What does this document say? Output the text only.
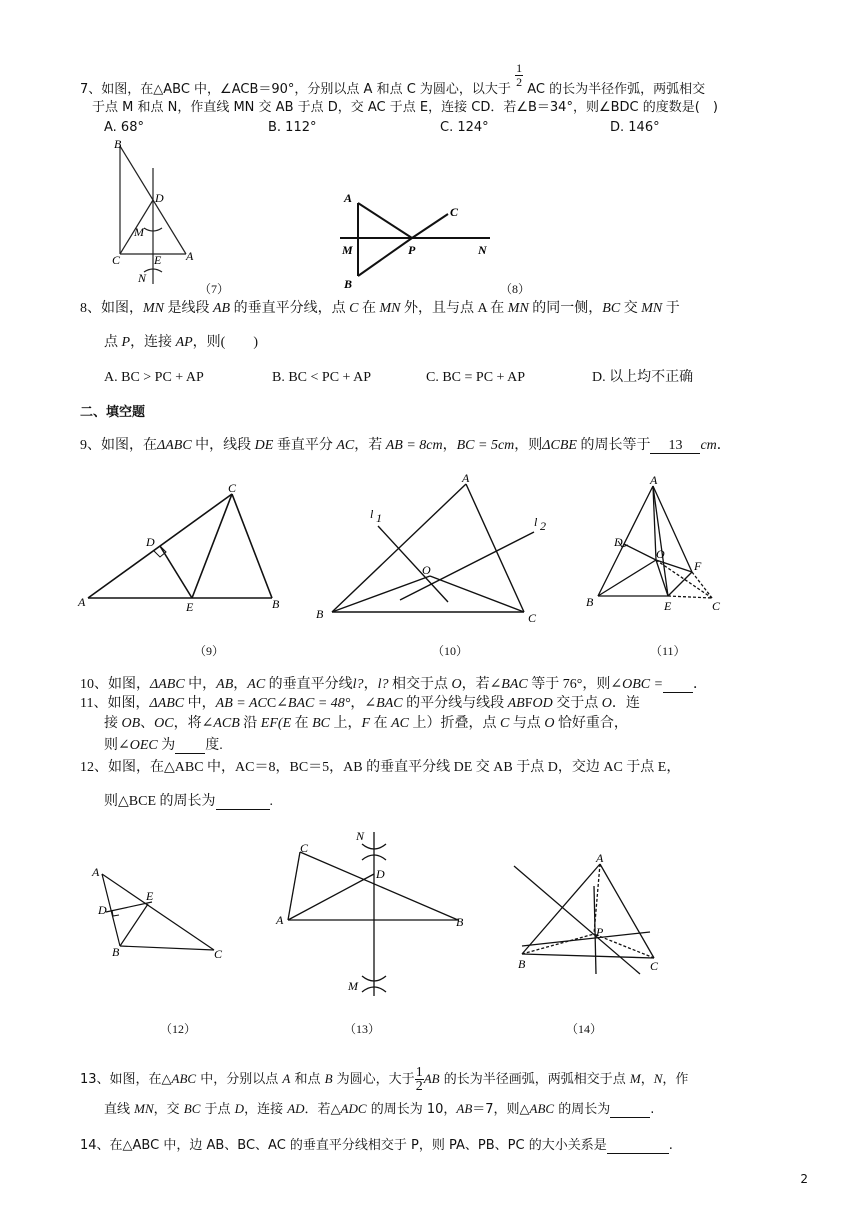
7、如图，在△ABC 中，∠ACB＝90°，分别以点 A 和点 C 为圆心，以大于
$\frac{1}{2}$
AC 的长为半径作弧，两弧相交
于点 M 和点 N，作直线 MN 交 AB 于点 D，交 AC 于点 E，连接 CD．若∠B＝34°，则∠BDC 的度数是(　)
A. 68°	B. 112°	C. 124°	D. 146°
B
D
M
C	E A
N
（7）
A
C
M	P	N
B	（8）
8、如图，MN 是线段 AB 的垂直平分线，点 C 在 MN 外，且与点 A 在 MN 的同一侧，BC 交 MN 于
点 P，连接 AP，则(　　)
A. BC > PC + AP	B. BC < PC + AP	C. BC = PC + AP	D. 以上均不正确
二、填空题
9、如图，在ΔABC 中，线段 DE 垂直平分 AC，若 AB = 8cm，BC = 5cm，则ΔCBE 的周长等于 13 cm．
C
D
A	E	B
（9）
A
l 1	l 2
O
B	C
（10）
A
D
O
F
B	E	C
（11）
10、如图，ΔABC 中，AB，AC 的垂直平分线l?，l? 相交于点 O，若∠BAC 等于 76°，则∠OBC = ．
11、如图，ΔABC 中，AB = ACC∠BAC = 48°，∠BAC 的平分线与线段 ABFOD 交于点 O．连
接 OB、OC，将∠ACB 沿 EF(E 在 BC 上，F 在 AC 上）折叠，点 C 与点 O 恰好重合，
则∠OEC 为 度.
12、如图，在△ABC 中，AC＝8，BC＝5，AB 的垂直平分线 DE 交 AB 于点 D，交边 AC 于点 E，
则△BCE 的周长为	.
A
E
D
B	C
（12）
N
C
D
A	B
M
（13）
A
P
B	C
（14）
13、如图，在△ABC 中，分别以点 A 和点 B 为圆心，大于 $\frac{1}{2}$ AB 的长为半径画弧，两弧相交于点 M，N，作
直线 MN，交 BC 于点 D，连接 AD．若△ADC 的周长为 10，AB＝7，则△ABC 的周长为	.
14、在△ABC 中，边 AB、BC、AC 的垂直平分线相交于 P，则 PA、PB、PC 的大小关系是	.
2
